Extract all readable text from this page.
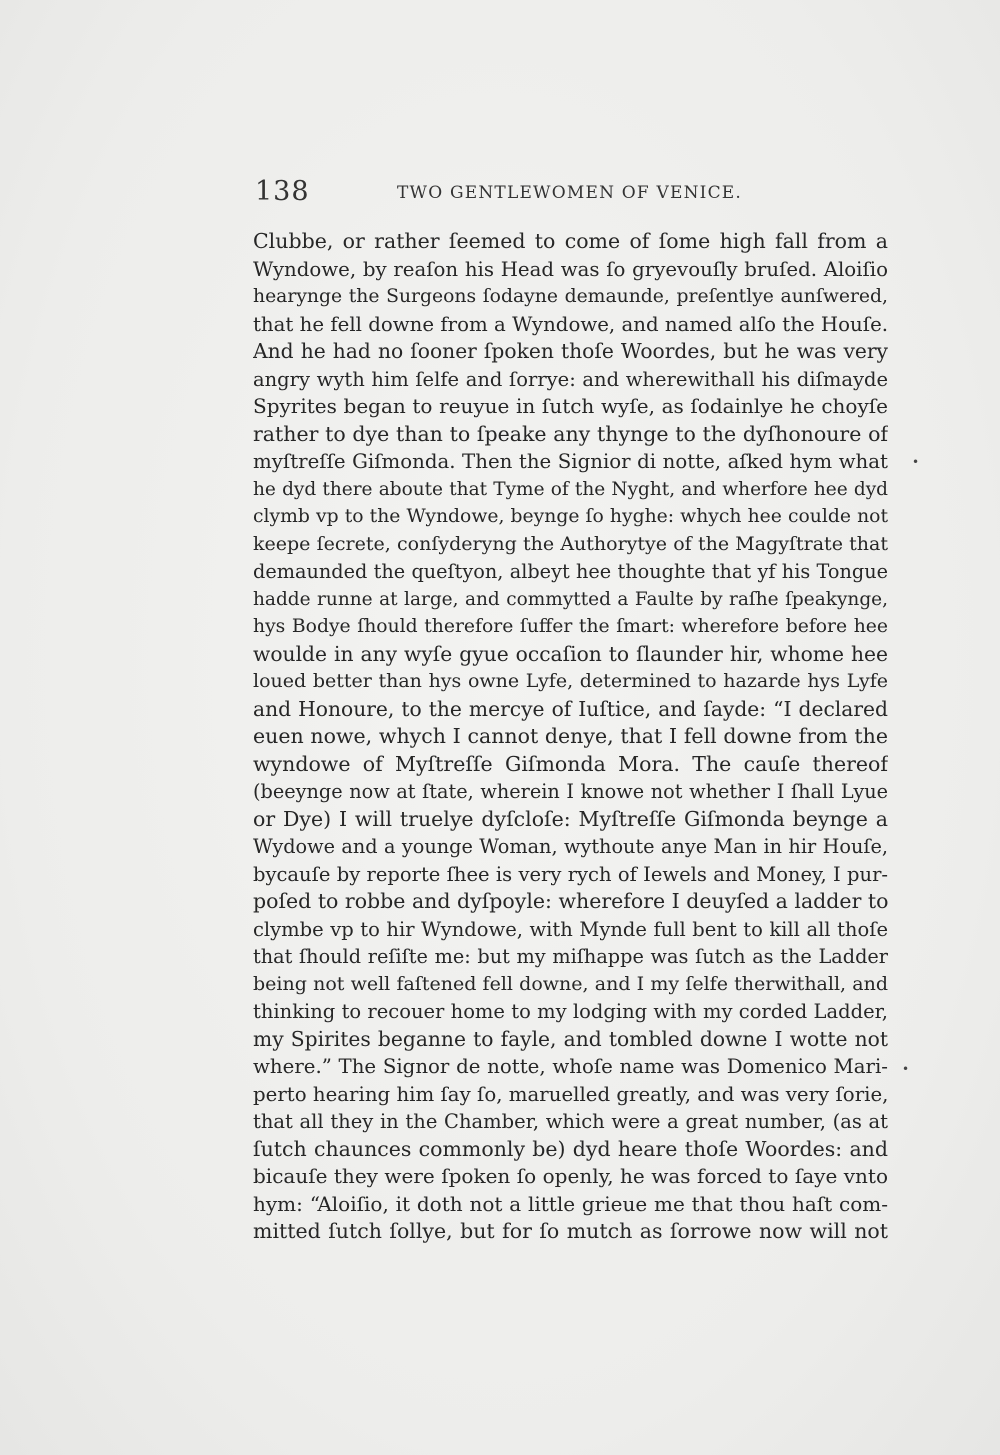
138	TWO GENTLEWOMEN OF VENICE.
Clubbe, or rather ſeemed to come of ſome high fall from a
Wyndowe, by reaſon his Head was ſo gryevouſly bruſed. Aloiſio
hearynge the Surgeons ſodayne demaunde, preſentlye aunſwered,
that he fell downe from a Wyndowe, and named alſo the Houſe.
And he had no ſooner ſpoken thoſe Woordes, but he was very
angry wyth him ſelfe and ſorrye: and wherewithall his diſmayde
Spyrites began to reuyue in ſutch wyſe, as ſodainlye he choyſe
rather to dye than to ſpeake any thynge to the dyſhonoure of
myſtreſſe Giſmonda. Then the Signior di notte, aſked hym what
he dyd there aboute that Tyme of the Nyght, and wherfore hee dyd
clymb vp to the Wyndowe, beynge ſo hyghe: whych hee coulde not
keepe ſecrete, conſyderyng the Authorytye of the Magyſtrate that
demaunded the queſtyon, albeyt hee thoughte that yf his Tongue
hadde runne at large, and commytted a Faulte by raſhe ſpeakynge,
hys Bodye ſhould therefore ſuffer the ſmart: wherefore before hee
woulde in any wyſe gyue occaſion to ſlaunder hir, whome hee
loued better than hys owne Lyfe, determined to hazarde hys Lyfe
and Honoure, to the mercye of Iuſtice, and ſayde: “I declared
euen nowe, whych I cannot denye, that I fell downe from the
wyndowe of Myſtreſſe Giſmonda Mora. The cauſe thereof
(beeynge now at ſtate, wherein I knowe not whether I ſhall Lyue
or Dye) I will truelye dyſcloſe: Myſtreſſe Giſmonda beynge a
Wydowe and a younge Woman, wythoute anye Man in hir Houſe,
bycauſe by reporte ſhee is very rych of Iewels and Money, I pur-
poſed to robbe and dyſpoyle: wherefore I deuyſed a ladder to
clymbe vp to hir Wyndowe, with Mynde full bent to kill all thoſe
that ſhould reſiſte me: but my miſhappe was ſutch as the Ladder
being not well faſtened fell downe, and I my ſelfe therwithall, and
thinking to recouer home to my lodging with my corded Ladder,
my Spirites beganne to fayle, and tombled downe I wotte not
where.” The Signor de notte, whoſe name was Domenico Mari-
perto hearing him ſay ſo, maruelled greatly, and was very ſorie,
that all they in the Chamber, which were a great number, (as at
ſutch chaunces commonly be) dyd heare thoſe Woordes: and
bicauſe they were ſpoken ſo openly, he was forced to ſaye vnto
hym: “Aloiſio, it doth not a little grieue me that thou haſt com-
mitted ſutch ſollye, but for ſo mutch as ſorrowe now will not
•
•
